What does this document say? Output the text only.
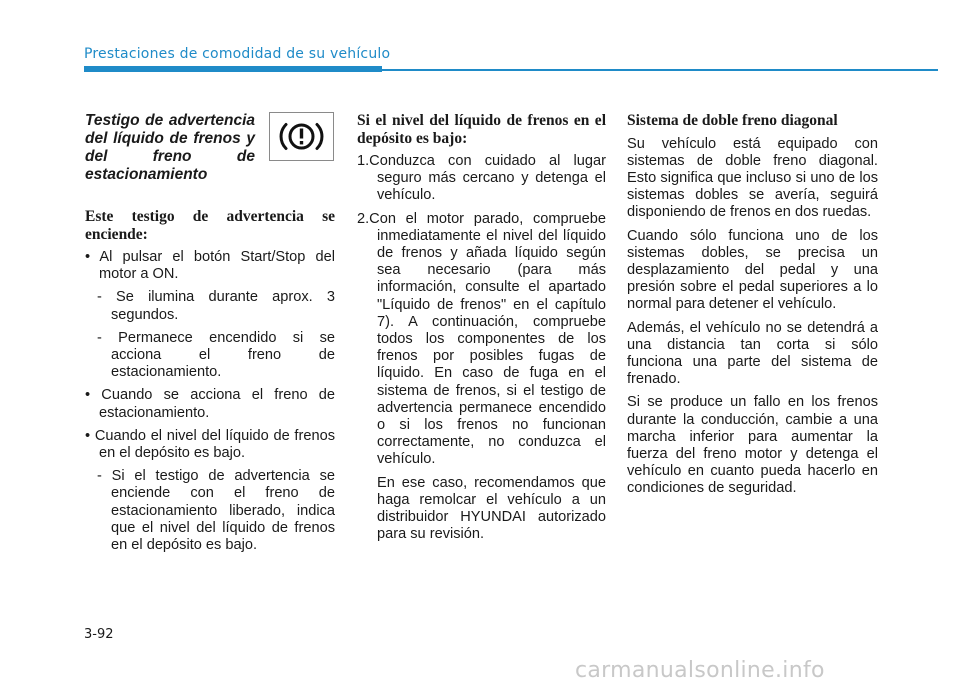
Prestaciones de comodidad de su vehículo

Testigo de advertencia del líquido de frenos y del freno de estacionamiento

Este testigo de advertencia se enciende:

• Al pulsar el botón Start/Stop del motor a ON.

- Se ilumina durante aprox. 3 segundos.

- Permanece encendido si se acciona el freno de estacionamiento.

• Cuando se acciona el freno de estacionamiento.

• Cuando el nivel del líquido de frenos en el depósito es bajo.

- Si el testigo de advertencia se enciende con el freno de estacionamiento liberado, indica que el nivel del líquido de frenos en el depósito es bajo.

Si el nivel del líquido de frenos en el depósito es bajo:

1.Conduzca con cuidado al lugar seguro más cercano y detenga el vehículo.

2.Con el motor parado, compruebe inmediatamente el nivel del líquido de frenos y añada líquido según sea necesario (para más información, consulte el apartado "Líquido de frenos" en el capítulo 7). A continuación, compruebe todos los componentes de los frenos por posibles fugas de líquido. En caso de fuga en el sistema de frenos, si el testigo de advertencia permanece encendido o si los frenos no funcionan correctamente, no conduzca el vehículo.

En ese caso, recomendamos que haga remolcar el vehículo a un distribuidor HYUNDAI autorizado para su revisión.

Sistema de doble freno diagonal

Su vehículo está equipado con sistemas de doble freno diagonal. Esto significa que incluso si uno de los sistemas dobles se avería, seguirá disponiendo de frenos en dos ruedas.

Cuando sólo funciona uno de los sistemas dobles, se precisa un desplazamiento del pedal y una presión sobre el pedal superiores a lo normal para detener el vehículo.

Además, el vehículo no se detendrá a una distancia tan corta si sólo funciona una parte del sistema de frenado.

Si se produce un fallo en los frenos durante la conducción, cambie a una marcha inferior para aumentar la fuerza del freno motor y detenga el vehículo en cuanto pueda hacerlo en condiciones de seguridad.

3-92
carmanualsonline.info
